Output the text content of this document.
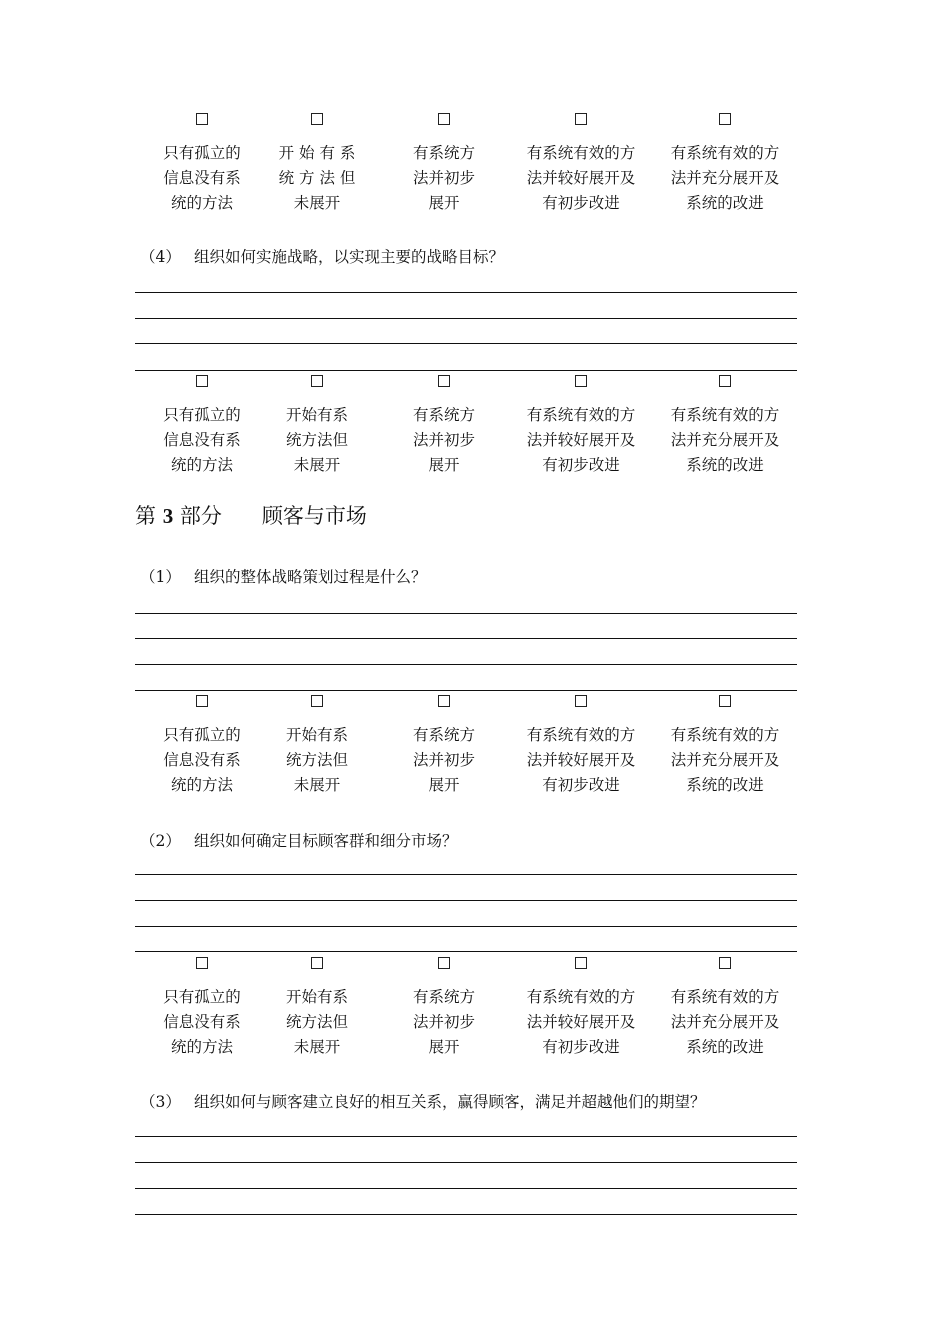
只有孤立的
信息没有系
统的方法
开 始 有 系
统 方 法 但
未展开
有系统方
法并初步
展开
有系统有效的方
法并较好展开及
有初步改进
有系统有效的方
法并充分展开及
系统的改进
（4） 组织如何实施战略，以实现主要的战略目标？
只有孤立的
信息没有系
统的方法
开始有系
统方法但
未展开
有系统方
法并初步
展开
有系统有效的方
法并较好展开及
有初步改进
有系统有效的方
法并充分展开及
系统的改进
第 3 部分 顾客与市场
（1） 组织的整体战略策划过程是什么？
只有孤立的
信息没有系
统的方法
开始有系
统方法但
未展开
有系统方
法并初步
展开
有系统有效的方
法并较好展开及
有初步改进
有系统有效的方
法并充分展开及
系统的改进
（2） 组织如何确定目标顾客群和细分市场？
只有孤立的
信息没有系
统的方法
开始有系
统方法但
未展开
有系统方
法并初步
展开
有系统有效的方
法并较好展开及
有初步改进
有系统有效的方
法并充分展开及
系统的改进
（3） 组织如何与顾客建立良好的相互关系，赢得顾客，满足并超越他们的期望？
